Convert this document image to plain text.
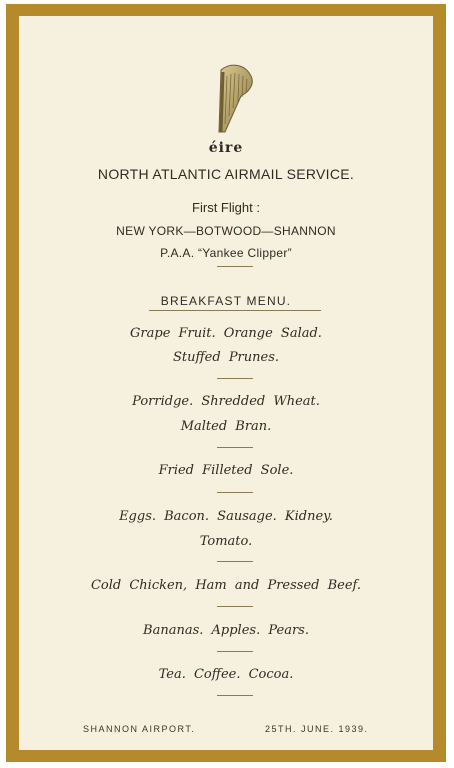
éire
NORTH ATLANTIC AIRMAIL SERVICE.
First Flight :
NEW YORK—BOTWOOD—SHANNON
P.A.A. “Yankee Clipper”
BREAKFAST MENU.
Grape Fruit. Orange Salad.
Stuffed Prunes.
Porridge. Shredded Wheat.
Malted Bran.
Fried Filleted Sole.
Eggs. Bacon. Sausage. Kidney.
Tomato.
Cold Chicken, Ham and Pressed Beef.
Bananas. Apples. Pears.
Tea. Coffee. Cocoa.
SHANNON AIRPORT.	25TH. JUNE. 1939.
